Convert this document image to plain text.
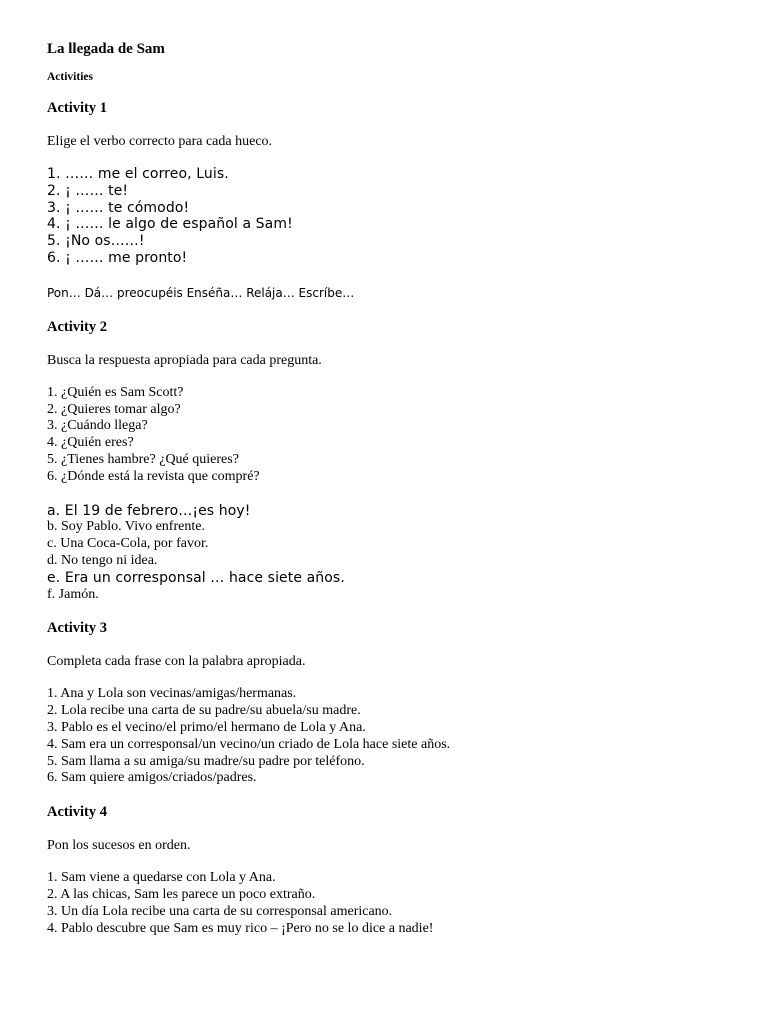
La llegada de Sam
Activities
Activity 1
Elige el verbo correcto para cada hueco.
1. …… me el correo, Luis.
2. ¡ …… te!
3. ¡ …… te cómodo!
4. ¡ …… le algo de español a Sam!
5. ¡No os……!
6. ¡ …… me pronto!
Pon… Dá… preocupéis Enséña… Relája… Escríbe…
Activity 2
Busca la respuesta apropiada para cada pregunta.
1. ¿Quién es Sam Scott?
2. ¿Quieres tomar algo?
3. ¿Cuándo llega?
4. ¿Quién eres?
5. ¿Tienes hambre? ¿Qué quieres?
6. ¿Dónde está la revista que compré?
a. El 19 de febrero…¡es hoy!
b. Soy Pablo. Vivo enfrente.
c. Una Coca-Cola, por favor.
d. No tengo ni idea.
e. Era un corresponsal … hace siete años.
f. Jamón.
Activity 3
Completa cada frase con la palabra apropiada.
1. Ana y Lola son vecinas/amigas/hermanas.
2. Lola recibe una carta de su padre/su abuela/su madre.
3. Pablo es el vecino/el primo/el hermano de Lola y Ana.
4. Sam era un corresponsal/un vecino/un criado de Lola hace siete años.
5. Sam llama a su amiga/su madre/su padre por teléfono.
6. Sam quiere amigos/criados/padres.
Activity 4
Pon los sucesos en orden.
1. Sam viene a quedarse con Lola y Ana.
2. A las chicas, Sam les parece un poco extraño.
3. Un día Lola recibe una carta de su corresponsal americano.
4. Pablo descubre que Sam es muy rico – ¡Pero no se lo dice a nadie!
